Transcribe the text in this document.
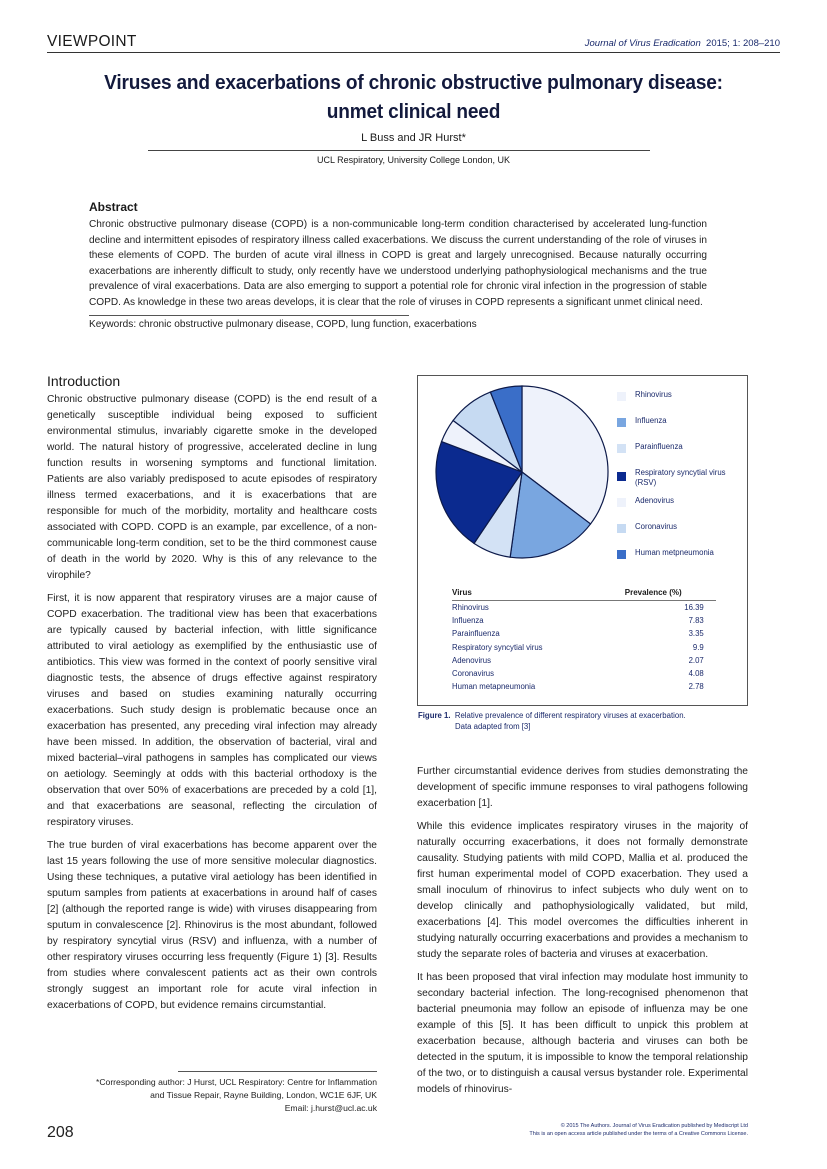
VIEWPOINT	Journal of Virus Eradication 2015; 1: 208–210
Viruses and exacerbations of chronic obstructive pulmonary disease:
unmet clinical need
L Buss and JR Hurst*
UCL Respiratory, University College London, UK
Abstract

Chronic obstructive pulmonary disease (COPD) is a non-communicable long-term condition characterised by accelerated lung-function decline and intermittent episodes of respiratory illness called exacerbations. We discuss the current understanding of the role of viruses in these elements of COPD. The burden of acute viral illness in COPD is great and largely unrecognised. Because naturally occurring exacerbations are inherently difficult to study, only recently have we understood underlying pathophysiological mechanisms and the true prevalence of viral exacerbations. Data are also emerging to support a potential role for chronic viral infection in the progression of stable COPD. As knowledge in these two areas develops, it is clear that the role of viruses in COPD represents a significant unmet clinical need.

Keywords: chronic obstructive pulmonary disease, COPD, lung function, exacerbations
Introduction

Chronic obstructive pulmonary disease (COPD) is the end result of a genetically susceptible individual being exposed to sufficient environmental stimulus, invariably cigarette smoke in the developed world. The natural history of progressive, accelerated decline in lung function results in worsening symptoms and functional limitation. Patients are also variably predisposed to acute episodes of respiratory illness termed exacerbations, and it is exacerbations that are responsible for much of the morbidity, mortality and healthcare costs associated with COPD. COPD is an example, par excellence, of a non-communicable long-term condition, set to be the third commonest cause of death in the world by 2020. Why is this of any relevance to the virophile?

First, it is now apparent that respiratory viruses are a major cause of COPD exacerbation. The traditional view has been that exacerbations are typically caused by bacterial infection, with little significance attributed to viral aetiology as exemplified by the enthusiastic use of antibiotics. This view was formed in the context of poorly sensitive viral diagnostic tests, the absence of drugs effective against respiratory viruses and based on studies examining naturally occurring exacerbations. Such study design is problematic because once an exacerbation has presented, any preceding viral infection may already have been missed. In addition, the observation of bacterial, viral and mixed bacterial–viral pathogens in samples has complicated our views on aetiology. Seemingly at odds with this bacterial orthodoxy is the observation that over 50% of exacerbations are preceded by a cold [1], and that exacerbations are seasonal, reflecting the circulation of respiratory viruses.

The true burden of viral exacerbations has become apparent over the last 15 years following the use of more sensitive molecular diagnostics. Using these techniques, a putative viral aetiology has been identified in sputum samples from patients at exacerbations in around half of cases [2] (although the reported range is wide) with viruses disappearing from sputum in convalescence [2]. Rhinovirus is the most abundant, followed by respiratory syncytial virus (RSV) and influenza, with a number of other respiratory viruses occurring less frequently (Figure 1) [3]. Results from studies where convalescent patients act as their own controls strongly suggest an important role for acute viral infection in exacerbations of COPD, but evidence remains circumstantial.

Rhinovirus
Influenza
Parainfluenza
Respiratory syncytial virus (RSV)
Adenovirus
Coronavirus
Human metpneumonia
Virus	Prevalence (%)
Rhinovirus	16.39
Influenza	7.83
Parainfluenza	3.35
Respiratory syncytial virus	9.9
Adenovirus	2.07
Coronavirus	4.08
Human metapneumonia	2.78
Figure 1. Relative prevalence of different respiratory viruses at exacerbation.
Data adapted from [3]

Further circumstantial evidence derives from studies demonstrating the development of specific immune responses to viral pathogens following exacerbation [1].

While this evidence implicates respiratory viruses in the majority of naturally occurring exacerbations, it does not formally demonstrate causality. Studying patients with mild COPD, Mallia et al. produced the first human experimental model of COPD exacerbation. They used a small inoculum of rhinovirus to infect subjects who duly went on to develop clinically and pathophysiologically validated, but mild, exacerbations [4]. This model overcomes the difficulties inherent in studying naturally occurring exacerbations and provides a mechanism to study the separate roles of bacteria and viruses at exacerbation.

It has been proposed that viral infection may modulate host immunity to secondary bacterial infection. The long-recognised phenomenon that bacterial pneumonia may follow an episode of influenza may be one example of this [5]. It has been difficult to unpick this problem at exacerbation because, although bacteria and viruses can both be detected in the sputum, it is impossible to know the temporal relationship of the two, or to distinguish a causal versus bystander role. Experimental models of rhinovirus-

*Corresponding author: J Hurst, UCL Respiratory: Centre for Inflammation
and Tissue Repair, Rayne Building, London, WC1E 6JF, UK
Email: j.hurst@ucl.ac.uk
208	© 2015 The Authors. Journal of Virus Eradication published by Mediscript Ltd
This is an open access article published under the terms of a Creative Commons License.
